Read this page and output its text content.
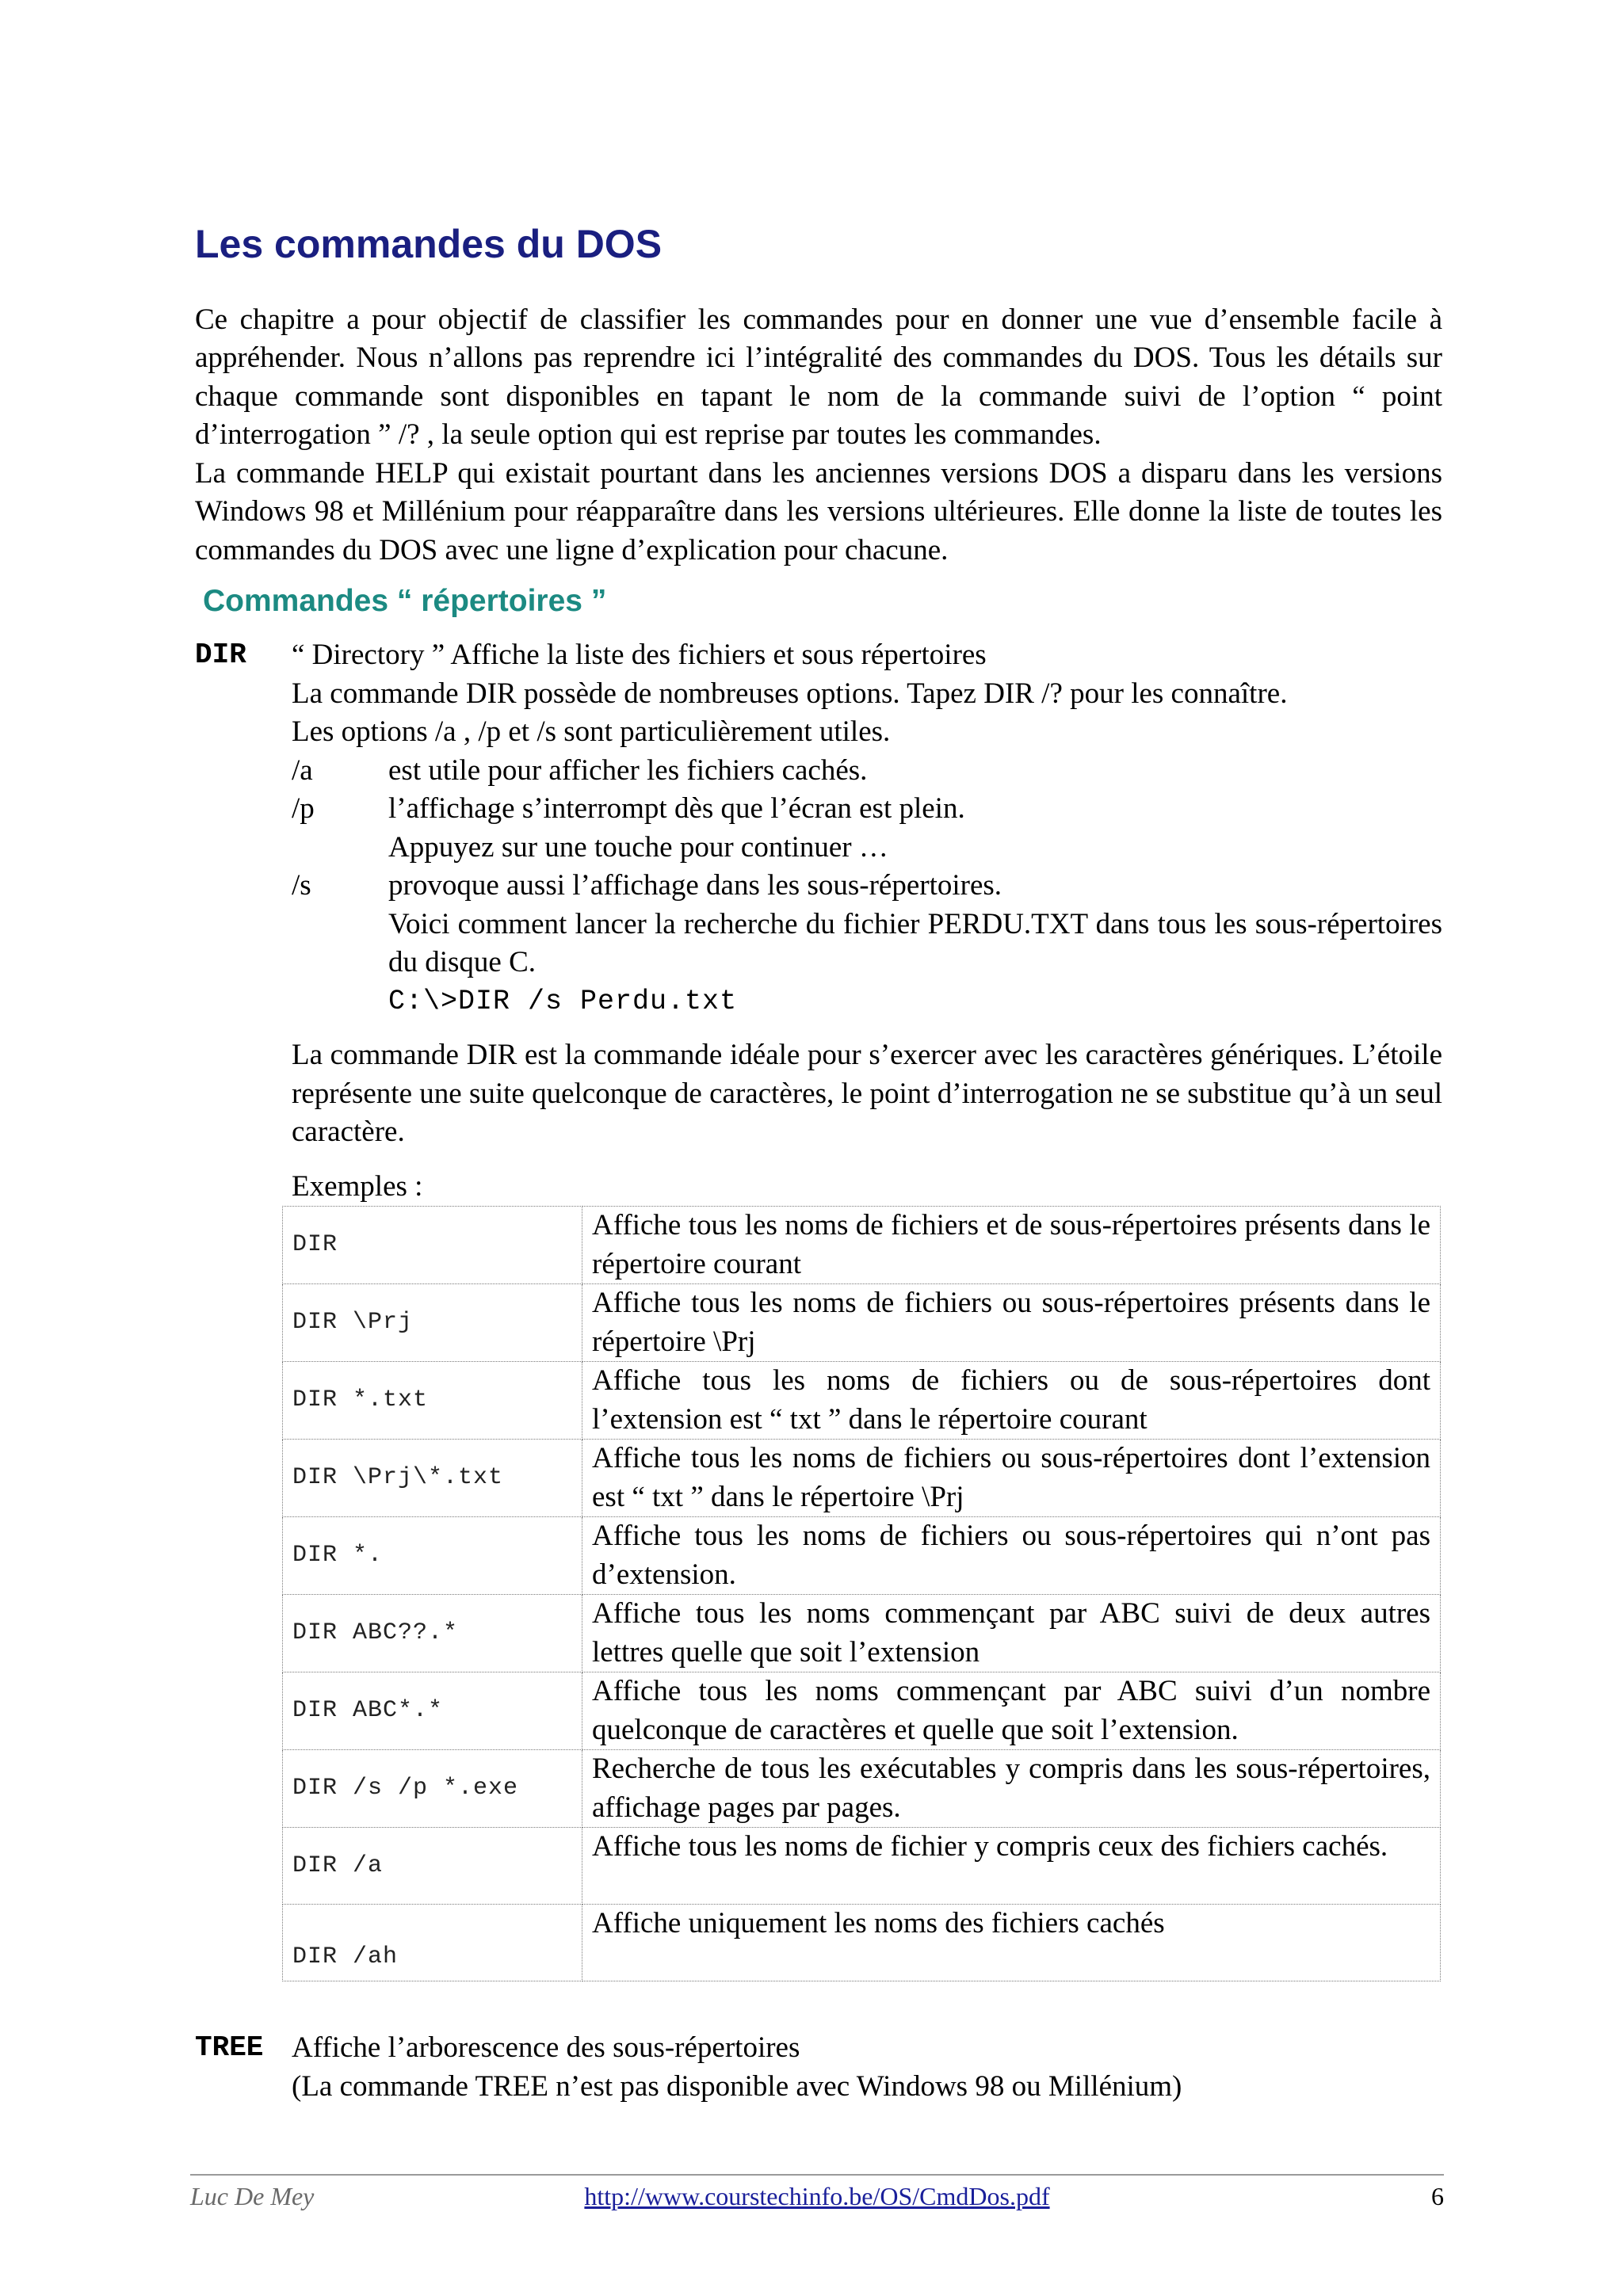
Les commandes du DOS

Ce chapitre a pour objectif de classifier les commandes pour en donner une vue d’ensemble facile à appréhender. Nous n’allons pas reprendre ici l’intégralité des commandes du DOS. Tous les détails sur chaque commande sont disponibles en tapant le nom de la commande suivi de l’option “ point d’interrogation ” /? , la seule option qui est reprise par toutes les commandes.

La commande HELP qui existait pourtant dans les anciennes versions DOS a disparu dans les versions Windows 98 et Millénium pour réapparaître dans les versions ultérieures. Elle donne la liste de toutes les commandes du DOS avec une ligne d’explication pour chacune.

Commandes “ répertoires ”
DIR	“ Directory ” Affiche la liste des fichiers et sous répertoires

La commande DIR possède de nombreuses options. Tapez DIR /? pour les connaître.

Les options /a , /p et /s sont particulièrement utiles.

/a	est utile pour afficher les fichiers cachés.

/p	l’affichage s’interrompt dès que l’écran est plein.

Appuyez sur une touche pour continuer …

/s	provoque aussi l’affichage dans les sous-répertoires.

Voici comment lancer la recherche du fichier PERDU.TXT dans tous les sous-répertoires du disque C.

C:\>DIR /s Perdu.txt

La commande DIR est la commande idéale pour s’exercer avec les caractères génériques. L’étoile représente une suite quelconque de caractères, le point d’interrogation ne se substitue qu’à un seul caractère.

Exemples :

DIR	Affiche tous les noms de fichiers et de sous-répertoires présents dans le répertoire courant
DIR \Prj	Affiche tous les noms de fichiers ou sous-répertoires présents dans le répertoire \Prj
DIR *.txt	Affiche tous les noms de fichiers ou de sous-répertoires dont l’extension est “ txt ” dans le répertoire courant
DIR \Prj\*.txt	Affiche tous les noms de fichiers ou sous-répertoires dont l’extension est “ txt ” dans le répertoire \Prj
DIR *.	Affiche tous les noms de fichiers ou sous-répertoires qui n’ont pas d’extension.
DIR ABC??.*	Affiche tous les noms commençant par ABC suivi de deux autres lettres quelle que soit l’extension
DIR ABC*.*	Affiche tous les noms commençant par ABC suivi d’un nombre quelconque de caractères et quelle que soit l’extension.
DIR /s /p *.exe	Recherche de tous les exécutables y compris dans les sous-répertoires, affichage pages par pages.
DIR /a	Affiche tous les noms de fichier y compris ceux des fichiers cachés.
DIR /ah	Affiche uniquement les noms des fichiers cachés
TREE Affiche l’arborescence des sous-répertoires

(La commande TREE n’est pas disponible avec Windows 98 ou Millénium)

Luc De Mey	http://www.courstechinfo.be/OS/CmdDos.pdf	6
